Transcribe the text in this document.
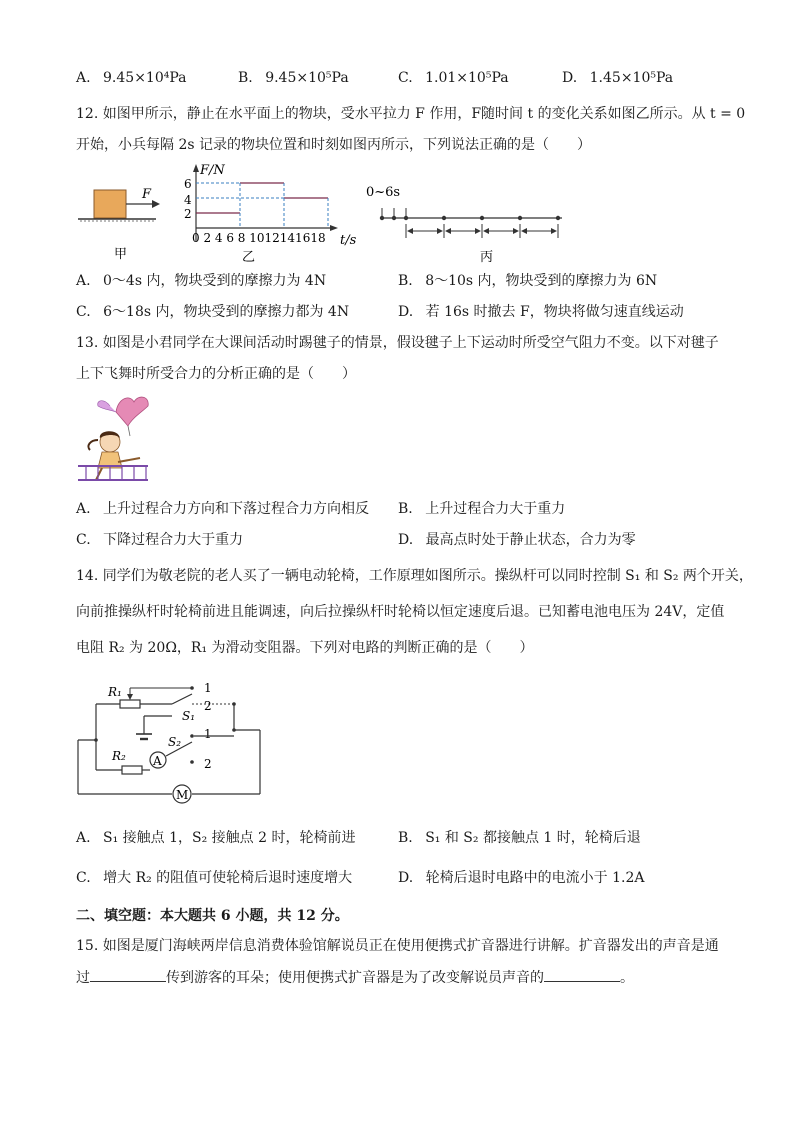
A. 9.45×10⁴Pa	B. 9.45×10⁵Pa	C. 1.01×10⁵Pa	D. 1.45×10⁵Pa
12. 如图甲所示，静止在水平面上的物块，受水平拉力 F 作用，F随时间 t 的变化关系如图乙所示。从 t = 0
开始，小兵每隔 2s 记录的物块位置和时刻如图丙所示，下列说法正确的是（　　）
F
甲
F/N
6
4
2
0 2 4 6 8 1012141618 t/s
乙
0~6s
丙
A. 0～4s 内，物块受到的摩擦力为 4N	B. 8～10s 内，物块受到的摩擦力为 6N
C. 6～18s 内，物块受到的摩擦力都为 4N	D. 若 16s 时撤去 F，物块将做匀速直线运动
13. 如图是小君同学在大课间活动时踢毽子的情景，假设毽子上下运动时所受空气阻力不变。以下对毽子
上下飞舞时所受合力的分析正确的是（　　）
A. 上升过程合力方向和下落过程合力方向相反 B. 上升过程合力大于重力
C. 下降过程合力大于重力	D. 最高点时处于静止状态，合力为零
14. 同学们为敬老院的老人买了一辆电动轮椅，工作原理如图所示。操纵杆可以同时控制 S₁ 和 S₂ 两个开关，
向前推操纵杆时轮椅前进且能调速，向后拉操纵杆时轮椅以恒定速度后退。已知蓄电池电压为 24V，定值
电阻 R₂ 为 20Ω，R₁ 为滑动变阻器。下列对电路的判断正确的是（　　）
M
R₁	1
2
S₁
R₂ A
S₂
1
2
A. S₁ 接触点 1，S₂ 接触点 2 时，轮椅前进	B. S₁ 和 S₂ 都接触点 1 时，轮椅后退
C. 增大 R₂ 的阻值可使轮椅后退时速度增大	D. 轮椅后退时电路中的电流小于 1.2A
二、填空题：本大题共 6 小题，共 12 分。
15. 如图是厦门海峡两岸信息消费体验馆解说员正在使用便携式扩音器进行讲解。扩音器发出的声音是通
过	传到游客的耳朵；使用便携式扩音器是为了改变解说员声音的	。
